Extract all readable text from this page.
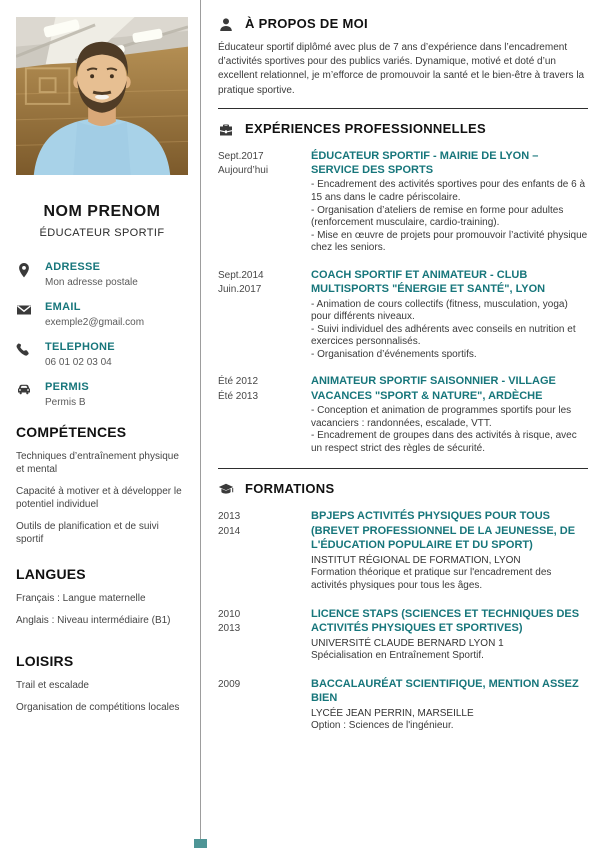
NOM PRENOM
ÉDUCATEUR SPORTIF
ADRESSE
Mon adresse postale
EMAIL
exemple2@gmail.com
TELEPHONE
06 01 02 03 04
PERMIS
Permis B
COMPÉTENCES
Techniques d’entraînement physique et mental
Capacité à motiver et à développer le potentiel individuel
Outils de planification et de suivi sportif
LANGUES
Français : Langue maternelle
Anglais : Niveau intermédiaire (B1)
LOISIRS
Trail et escalade
Organisation de compétitions locales
À PROPOS DE MOI

Éducateur sportif diplômé avec plus de 7 ans d’expérience dans l’encadrement d’activités sportives pour des publics variés. Dynamique, motivé et doté d’un excellent relationnel, je m’efforce de promouvoir la santé et le bien-être à travers la pratique sportive.

EXPÉRIENCES PROFESSIONNELLES
Sept.2017
Aujourd’hui
ÉDUCATEUR SPORTIF - MAIRIE DE LYON – SERVICE DES SPORTS
- Encadrement des activités sportives pour des enfants de 6 à 15 ans dans le cadre périscolaire.
- Organisation d’ateliers de remise en forme pour adultes (renforcement musculaire, cardio-training).
- Mise en œuvre de projets pour promouvoir l’activité physique chez les seniors.
Sept.2014
Juin.2017
COACH SPORTIF ET ANIMATEUR - CLUB MULTISPORTS "ÉNERGIE ET SANTÉ", LYON
- Animation de cours collectifs (fitness, musculation, yoga) pour différents niveaux.
- Suivi individuel des adhérents avec conseils en nutrition et exercices personnalisés.
- Organisation d’événements sportifs.
Été 2012
Été 2013
ANIMATEUR SPORTIF SAISONNIER - VILLAGE VACANCES "SPORT & NATURE", ARDÈCHE
- Conception et animation de programmes sportifs pour les vacanciers : randonnées, escalade, VTT.
- Encadrement de groupes dans des activités à risque, avec un respect strict des règles de sécurité.
FORMATIONS
2013
2014
BPJEPS ACTIVITÉS PHYSIQUES POUR TOUS (BREVET PROFESSIONNEL DE LA JEUNESSE, DE L'ÉDUCATION POPULAIRE ET DU SPORT)
INSTITUT RÉGIONAL DE FORMATION, LYON
Formation théorique et pratique sur l'encadrement des activités physiques pour tous les âges.
2010
2013
LICENCE STAPS (SCIENCES ET TECHNIQUES DES ACTIVITÉS PHYSIQUES ET SPORTIVES)
UNIVERSITÉ CLAUDE BERNARD LYON 1
Spécialisation en Entraînement Sportif.
2009	BACCALAURÉAT SCIENTIFIQUE, MENTION ASSEZ BIEN
LYCÉE JEAN PERRIN, MARSEILLE
Option : Sciences de l'ingénieur.
